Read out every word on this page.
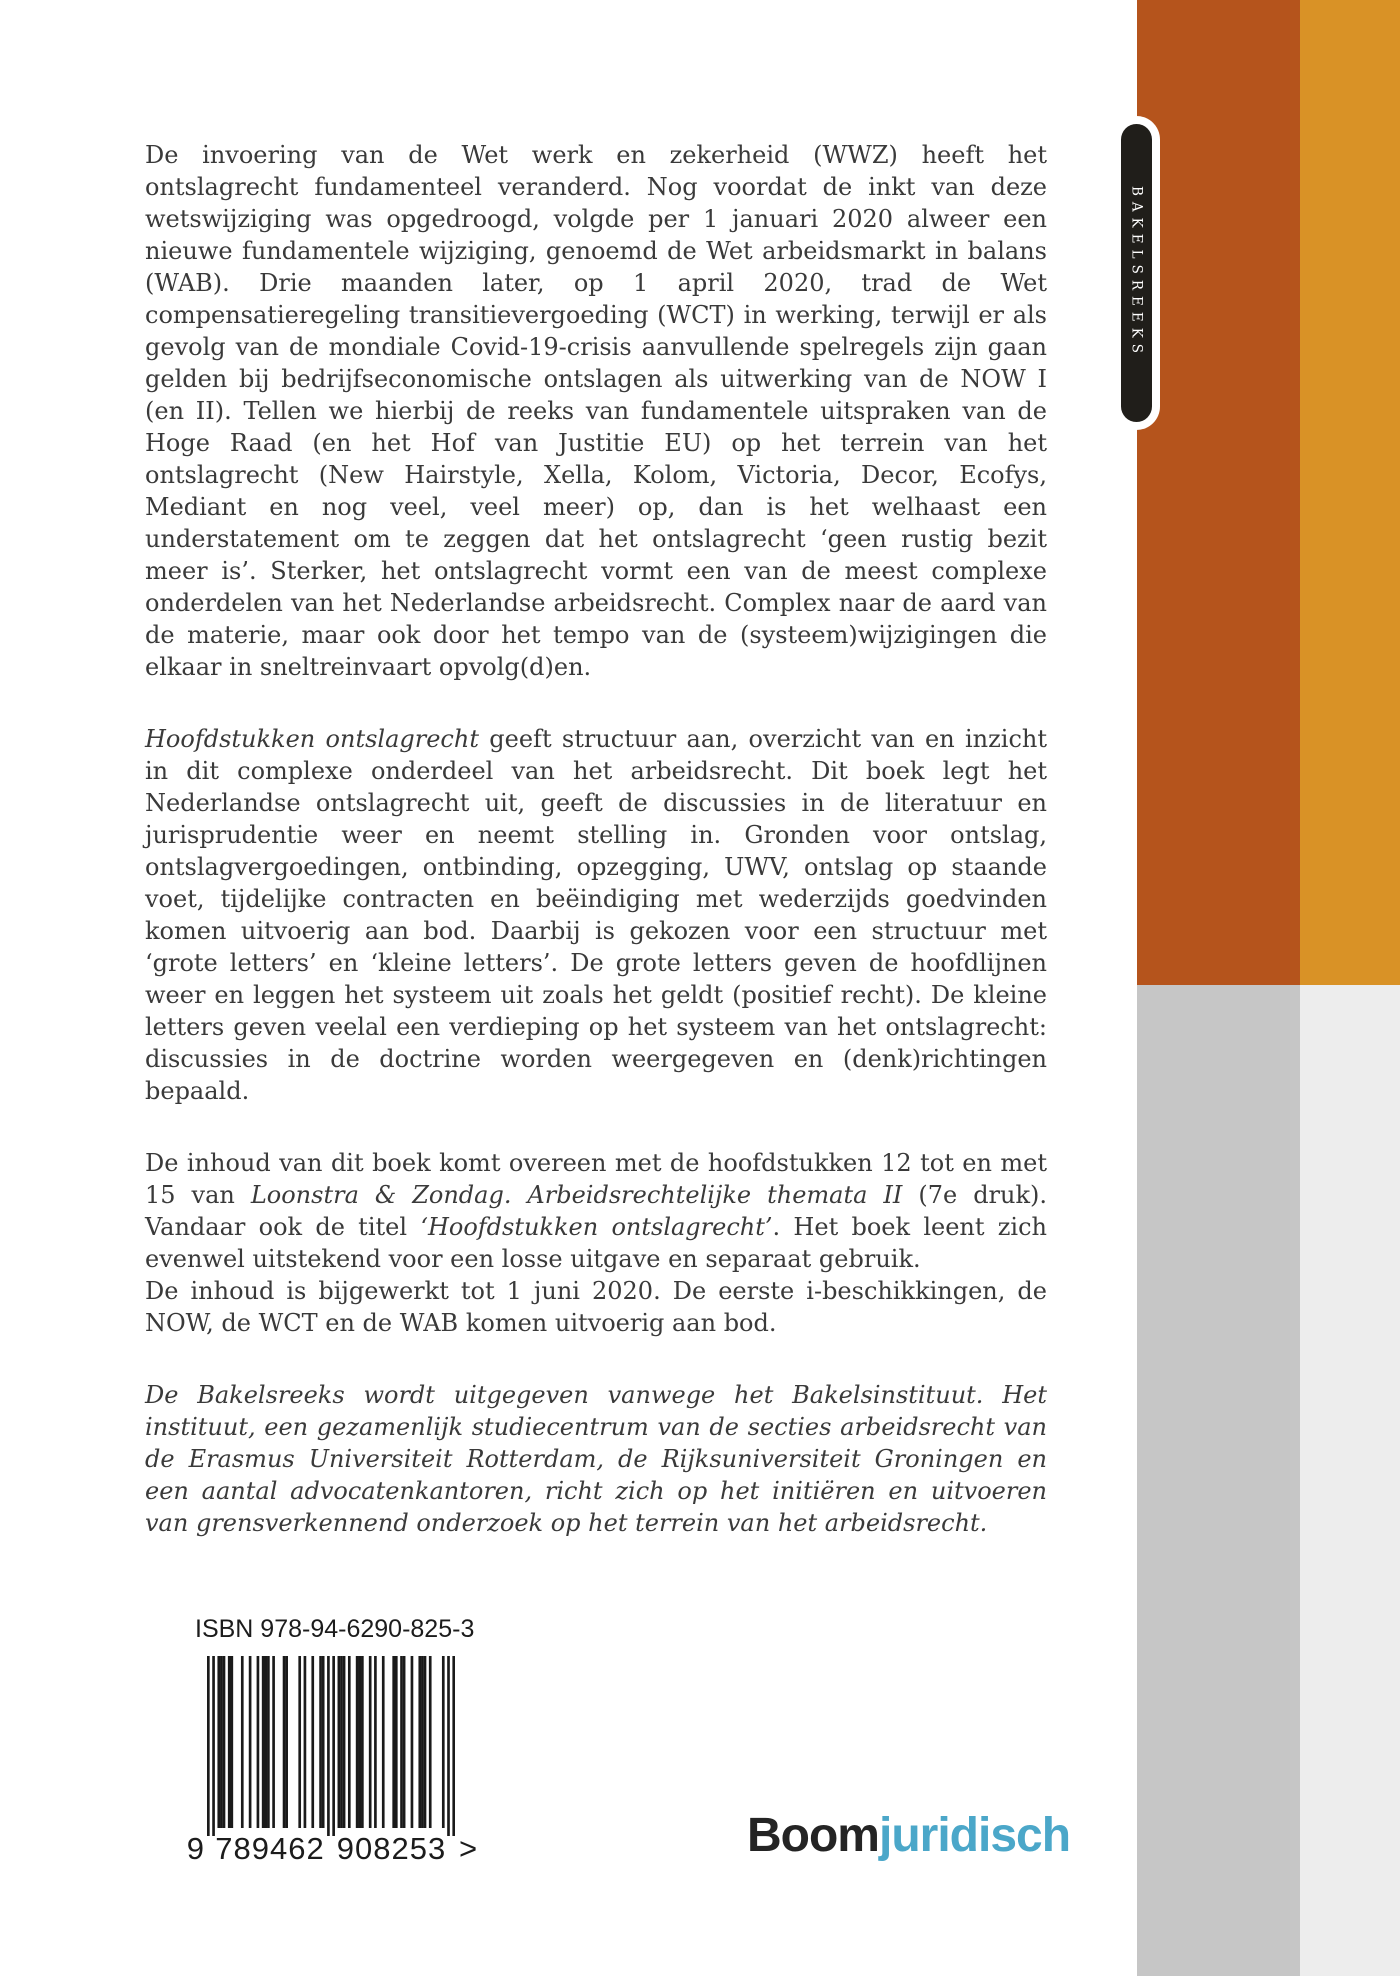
BAKELSREEKS

De invoering van de Wet werk en zekerheid (WWZ) heeft het ontslagrecht fundamenteel veranderd. Nog voordat de inkt van deze wetswijziging was opgedroogd, volgde per 1 januari 2020 alweer een nieuwe fundamentele wijziging, genoemd de Wet arbeidsmarkt in balans (WAB). Drie maanden later, op 1 april 2020, trad de Wet compensatieregeling transitievergoeding (WCT) in werking, terwijl er als gevolg van de mondiale Covid-19-crisis aanvullende spelregels zijn gaan gelden bij bedrijfseconomische ontslagen als uitwerking van de NOW I (en II). Tellen we hierbij de reeks van fundamentele uitspraken van de Hoge Raad (en het Hof van Justitie EU) op het terrein van het ontslagrecht (New Hairstyle, Xella, Kolom, Victoria, Decor, Ecofys, Mediant en nog veel, veel meer) op, dan is het welhaast een understatement om te zeggen dat het ontslagrecht ‘geen rustig bezit meer is’. Sterker, het ontslagrecht vormt een van de meest complexe onderdelen van het Nederlandse arbeidsrecht. Complex naar de aard van de materie, maar ook door het tempo van de (systeem)wijzigingen die elkaar in sneltreinvaart opvolg(d)en.

Hoofdstukken ontslagrecht geeft structuur aan, overzicht van en inzicht in dit complexe onderdeel van het arbeidsrecht. Dit boek legt het Nederlandse ontslagrecht uit, geeft de discussies in de literatuur en jurisprudentie weer en neemt stelling in. Gronden voor ontslag, ontslagvergoedingen, ontbinding, opzegging, UWV, ontslag op staande voet, tijdelijke contracten en beëindiging met wederzijds goedvinden komen uitvoerig aan bod. Daarbij is gekozen voor een structuur met ‘grote letters’ en ‘kleine letters’. De grote letters geven de hoofdlijnen weer en leggen het systeem uit zoals het geldt (positief recht). De kleine letters geven veelal een verdieping op het systeem van het ontslagrecht: discussies in de doctrine worden weergegeven en (denk)richtingen bepaald.

De inhoud van dit boek komt overeen met de hoofdstukken 12 tot en met 15 van Loonstra & Zondag. Arbeidsrechtelijke themata II (7e druk). Vandaar ook de titel ‘Hoofdstukken ontslagrecht’. Het boek leent zich evenwel uitstekend voor een losse uitgave en separaat gebruik.

De inhoud is bijgewerkt tot 1 juni 2020. De eerste i-beschikkingen, de NOW, de WCT en de WAB komen uitvoerig aan bod.

De Bakelsreeks wordt uitgegeven vanwege het Bakelsinstituut. Het instituut, een gezamenlijk studiecentrum van de secties arbeidsrecht van de Erasmus Universiteit Rotterdam, de Rijksuniversiteit Groningen en een aantal advocatenkantoren, richt zich op het initiëren en uitvoeren van grensverkennend onderzoek op het terrein van het arbeidsrecht.

ISBN 978-94-6290-825-3
9 789462 908253 >	Boomjuridisch
